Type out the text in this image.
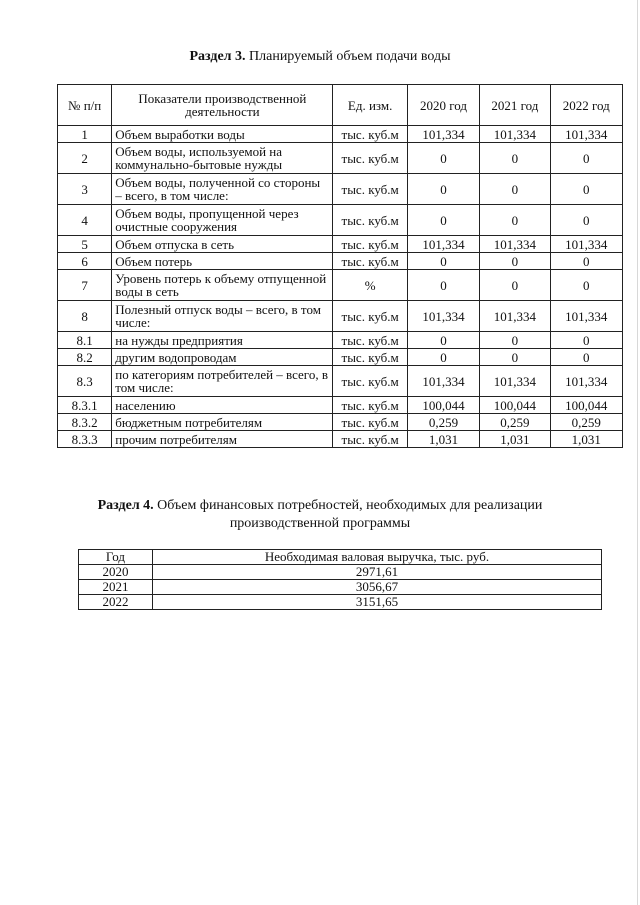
Раздел 3. Планируемый объем подачи воды
№ п/п	Показатели производственной деятельности	Ед. изм.	2020 год	2021 год	2022 год
1	Объем выработки воды	тыс. куб.м	101,334	101,334	101,334
2	Объем воды, используемой на коммунально-бытовые нужды	тыс. куб.м	0	0	0
3	Объем воды, полученной со стороны – всего, в том числе:	тыс. куб.м	0	0	0
4	Объем воды, пропущенной через очистные сооружения	тыс. куб.м	0	0	0
5	Объем отпуска в сеть	тыс. куб.м	101,334	101,334	101,334
6	Объем потерь	тыс. куб.м	0	0	0
7	Уровень потерь к объему отпущенной воды в сеть	%	0	0	0
8	Полезный отпуск воды – всего, в том числе:	тыс. куб.м	101,334	101,334	101,334
8.1	на нужды предприятия	тыс. куб.м	0	0	0
8.2	другим водопроводам	тыс. куб.м	0	0	0
8.3	по категориям потребителей – всего, в том числе:	тыс. куб.м	101,334	101,334	101,334
8.3.1	населению	тыс. куб.м	100,044	100,044	100,044
8.3.2	бюджетным потребителям	тыс. куб.м	0,259	0,259	0,259
8.3.3	прочим потребителям	тыс. куб.м	1,031	1,031	1,031
Раздел 4. Объем финансовых потребностей, необходимых для реализации производственной программы
Год	Необходимая валовая выручка, тыс. руб.
2020	2971,61
2021	3056,67
2022	3151,65
